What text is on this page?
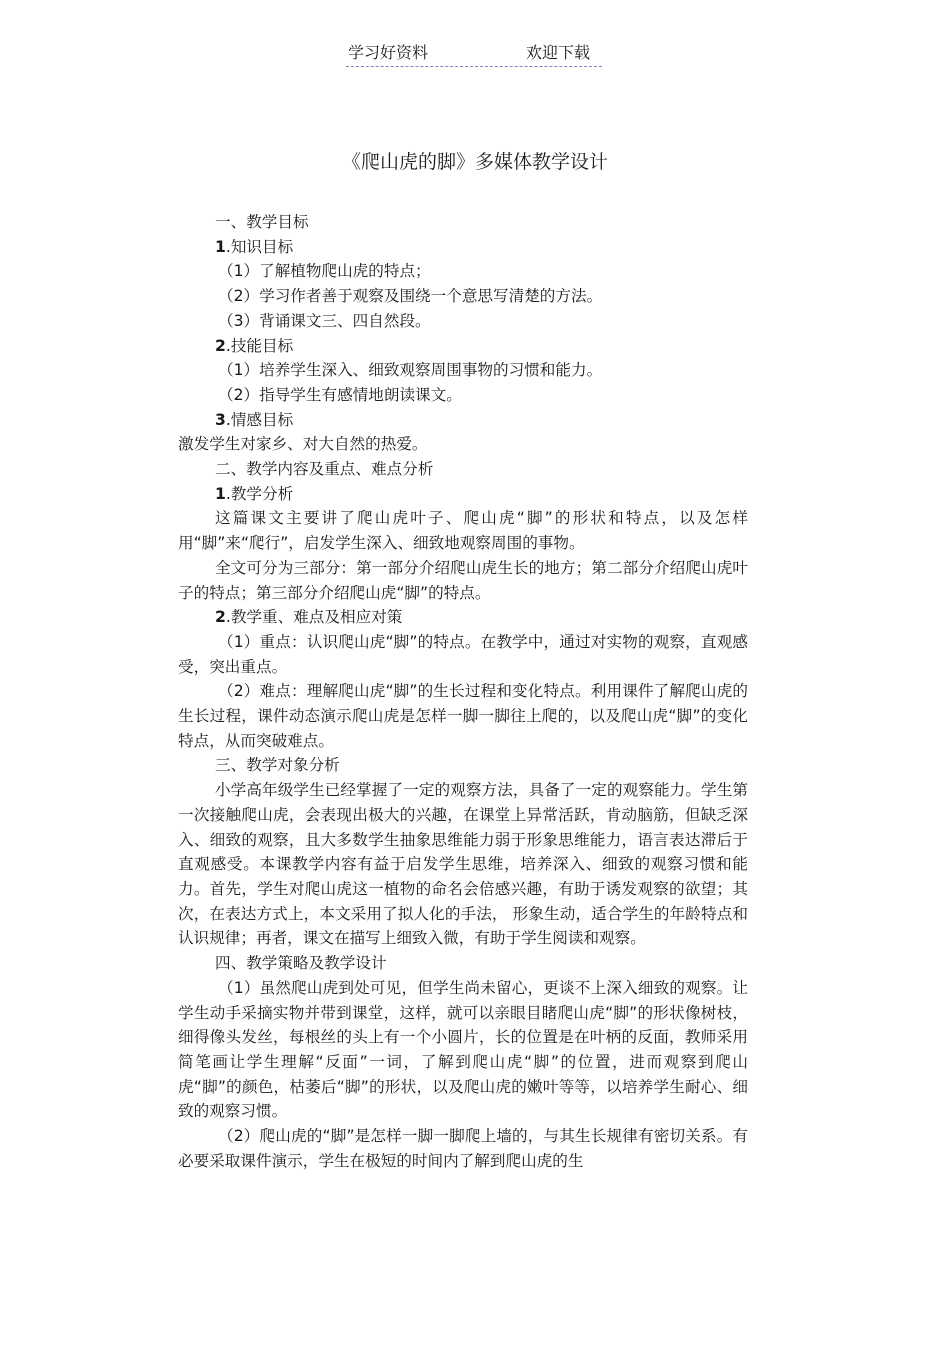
学习好资料	欢迎下载
《爬山虎的脚》多媒体教学设计

一、教学目标

1.知识目标

（1）了解植物爬山虎的特点；

（2）学习作者善于观察及围绕一个意思写清楚的方法。

（3）背诵课文三、四自然段。

2.技能目标

（1）培养学生深入、细致观察周围事物的习惯和能力。

（2）指导学生有感情地朗读课文。

3.情感目标

激发学生对家乡、对大自然的热爱。

二、教学内容及重点、难点分析

1.教学分析

这篇课文主要讲了爬山虎叶子、爬山虎“脚”的形状和特点，以及怎样用“脚”来“爬行”，启发学生深入、细致地观察周围的事物。

全文可分为三部分：第一部分介绍爬山虎生长的地方；第二部分介绍爬山虎叶子的特点；第三部分介绍爬山虎“脚”的特点。

2.教学重、难点及相应对策

（1）重点：认识爬山虎“脚”的特点。在教学中，通过对实物的观察，直观感受，突出重点。

（2）难点：理解爬山虎“脚”的生长过程和变化特点。利用课件了解爬山虎的生长过程，课件动态演示爬山虎是怎样一脚一脚往上爬的，以及爬山虎“脚”的变化特点，从而突破难点。

三、教学对象分析

小学高年级学生已经掌握了一定的观察方法，具备了一定的观察能力。学生第一次接触爬山虎，会表现出极大的兴趣，在课堂上异常活跃，肯动脑筋，但缺乏深入、细致的观察，且大多数学生抽象思维能力弱于形象思维能力，语言表达滞后于直观感受。本课教学内容有益于启发学生思维，培养深入、细致的观察习惯和能力。首先，学生对爬山虎这一植物的命名会倍感兴趣，有助于诱发观察的欲望；其次，在表达方式上，本文采用了拟人化的手法， 形象生动，适合学生的年龄特点和认识规律；再者，课文在描写上细致入微，有助于学生阅读和观察。

四、教学策略及教学设计

（1）虽然爬山虎到处可见，但学生尚未留心，更谈不上深入细致的观察。让学生动手采摘实物并带到课堂，这样，就可以亲眼目睹爬山虎“脚”的形状像树枝，细得像头发丝，每根丝的头上有一个小圆片，长的位置是在叶柄的反面，教师采用简笔画让学生理解“反面”一词，了解到爬山虎“脚”的位置，进而观察到爬山虎“脚”的颜色，枯萎后“脚”的形状，以及爬山虎的嫩叶等等，以培养学生耐心、细致的观察习惯。

（2）爬山虎的“脚”是怎样一脚一脚爬上墙的，与其生长规律有密切关系。有必要采取课件演示，学生在极短的时间内了解到爬山虎的生
